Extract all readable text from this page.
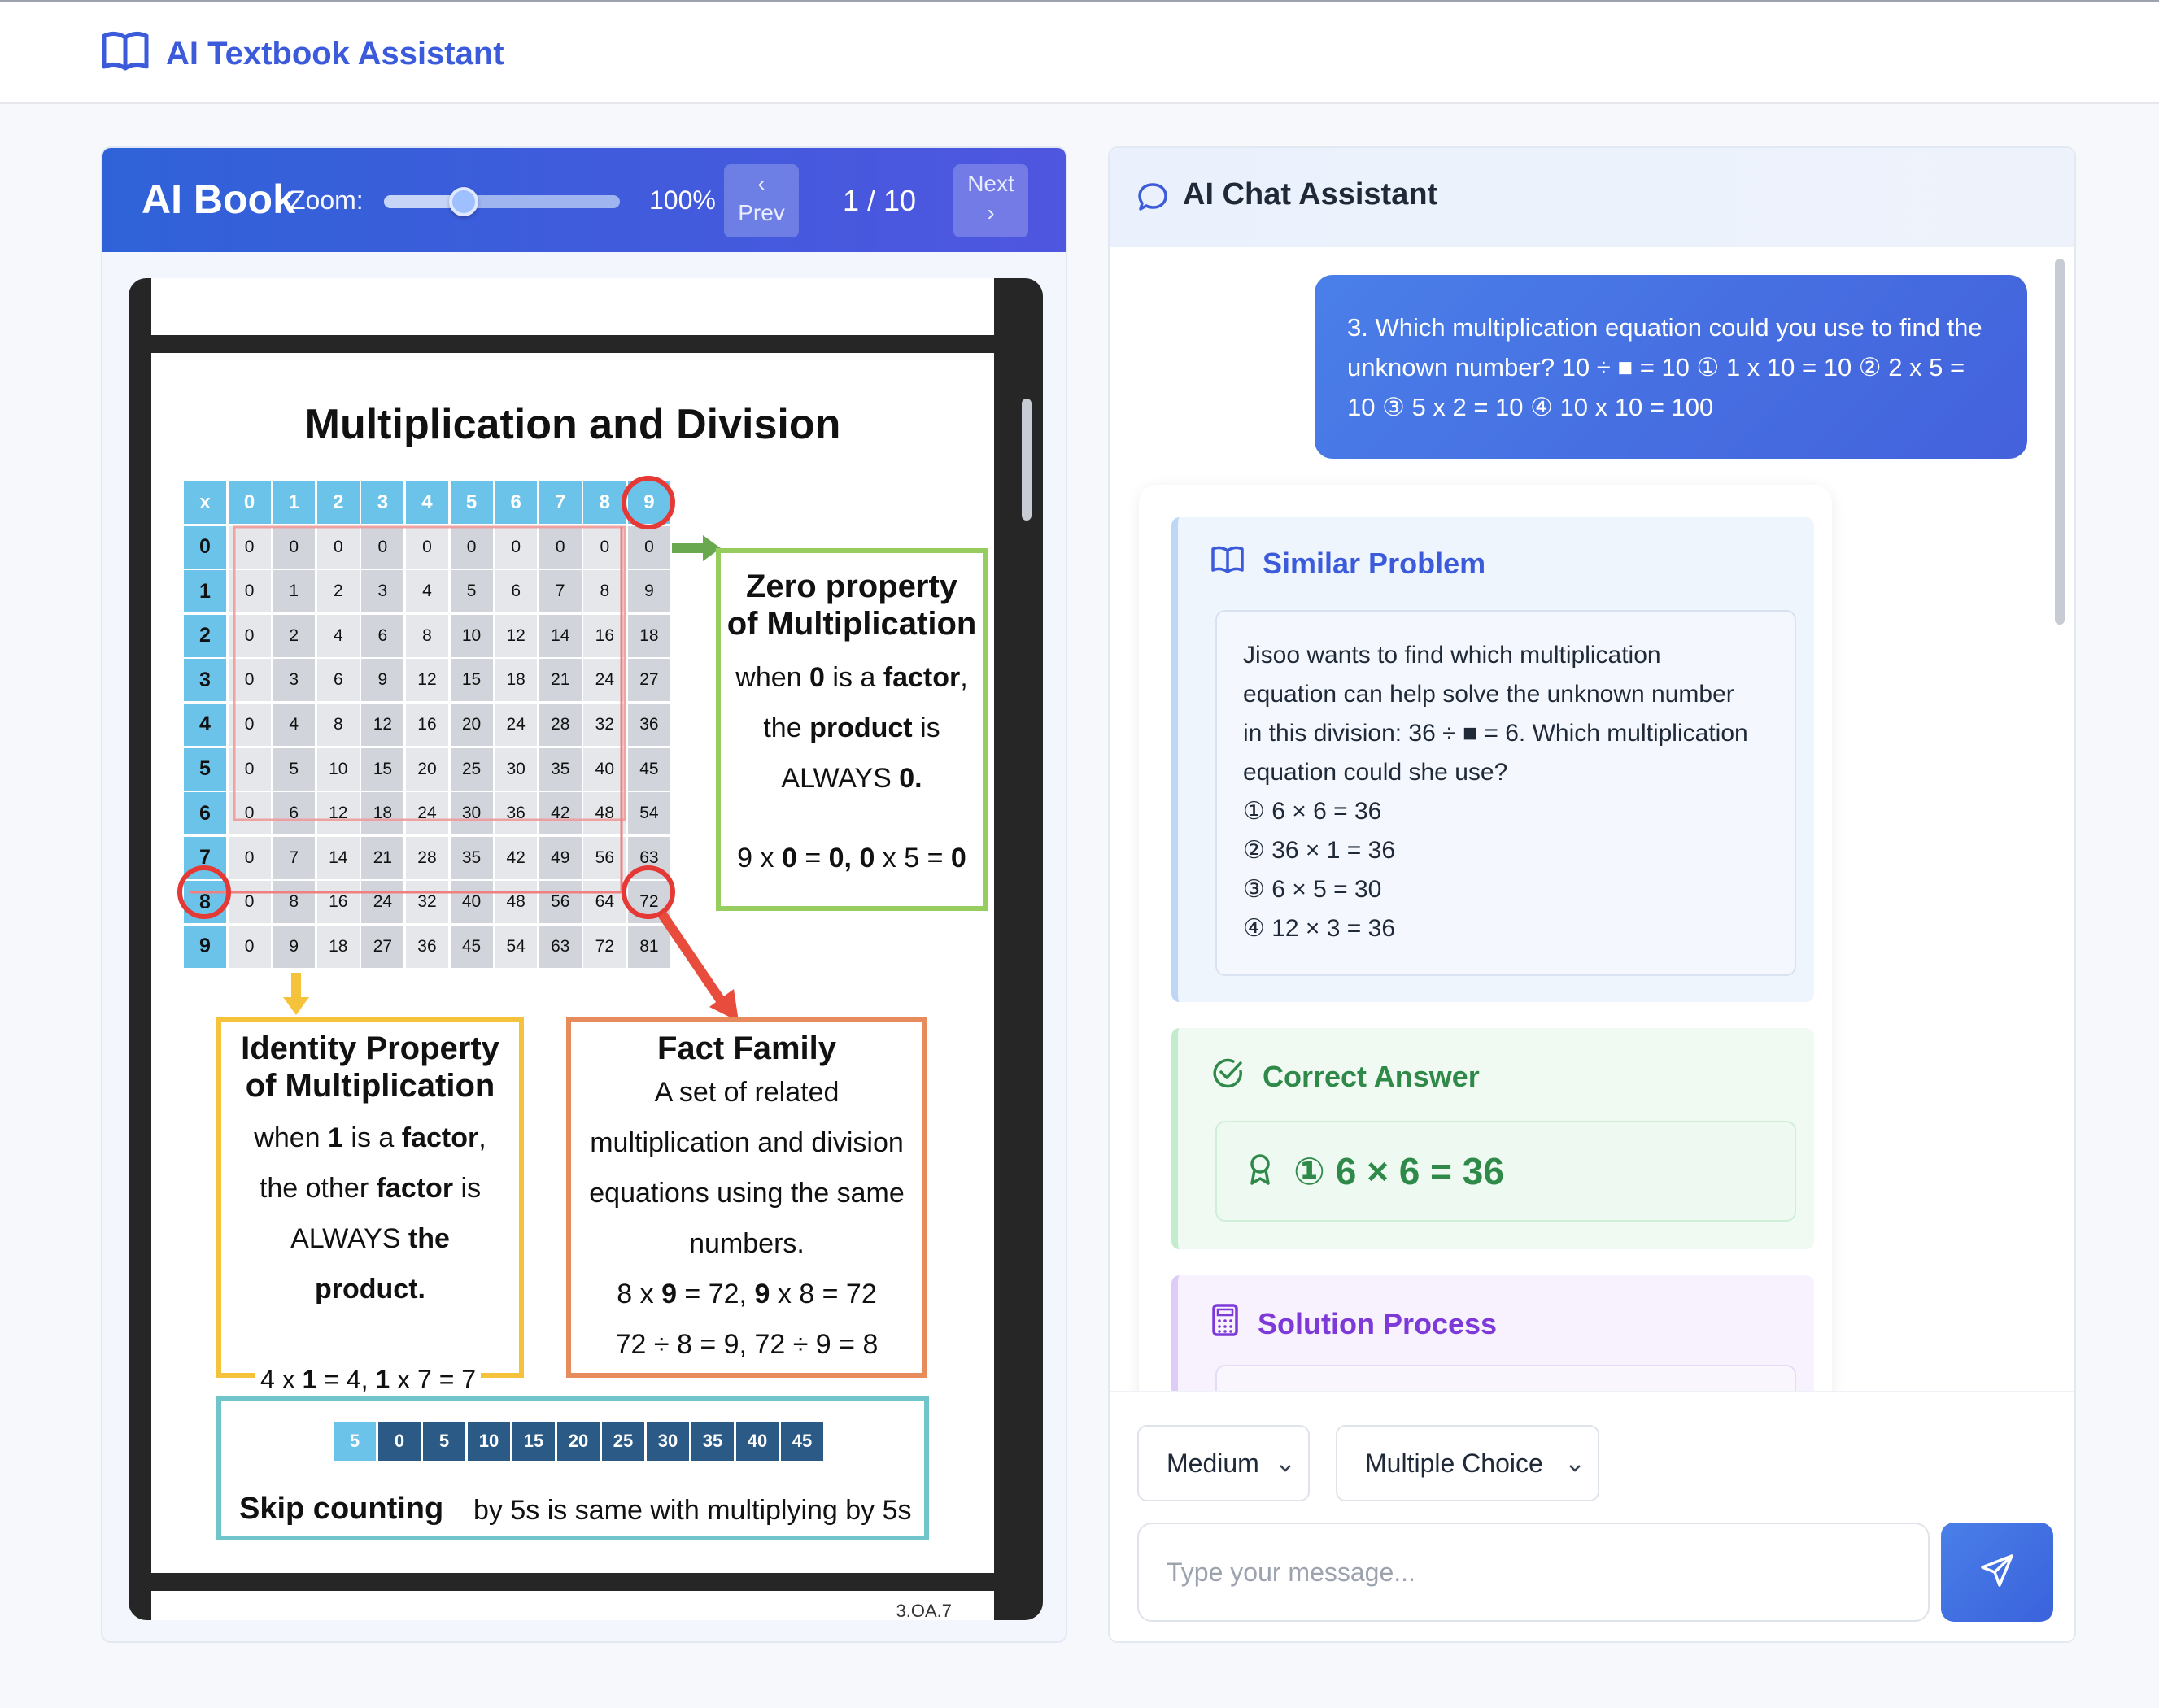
AI Textbook Assistant
AI Book
Zoom:	100%
‹
Prev	1 / 10
Next
›
Multiplication and Division
x	0	1	2	3	4	5	6	7	8	9
0	0	0	0	0	0	0	0	0	0	0
1	0	1	2	3	4	5	6	7	8	9
2	0	2	4	6	8	10	12	14	16	18
3	0	3	6	9	12	15	18	21	24	27
4	0	4	8	12	16	20	24	28	32	36
5	0	5	10	15	20	25	30	35	40	45
6	0	6	12	18	24	30	36	42	48	54
7	0	7	14	21	28	35	42	49	56	63
8	0	8	16	24	32	40	48	56	64	72
9	0	9	18	27	36	45	54	63	72	81
Zero property
of Multiplication
when 0 is a factor,
the product is
ALWAYS 0.
9 x 0 = 0, 0 x 5 = 0
Identity Property
of Multiplication
when 1 is a factor,
the other factor is
ALWAYS the
product.
4 x 1 = 4, 1 x 7 = 7
Fact Family
A set of related
multiplication and division
equations using the same
numbers.
8 x 9 = 72, 9 x 8 = 72
72 ÷ 8 = 9, 72 ÷ 9 = 8
5	0	5	10	15	20	25	30	35	40	45
Skip counting by 5s is same with multiplying by 5s
3.OA.7
AI Chat Assistant
3. Which multiplication equation could you use to find the unknown number? 10 ÷ ■ = 10 ① 1 x 10 = 10 ② 2 x 5 = 10 ③ 5 x 2 = 10 ④ 10 x 10 = 100
Similar Problem
Jisoo wants to find which multiplication
equation can help solve the unknown number
in this division: 36 ÷ ■ = 6. Which multiplication
equation could she use?
① 6 × 6 = 36
② 36 × 1 = 36
③ 6 × 5 = 30
④ 12 × 3 = 36
Correct Answer
① 6 × 6 = 36
Solution Process
Medium	Multiple Choice
Type your message...
